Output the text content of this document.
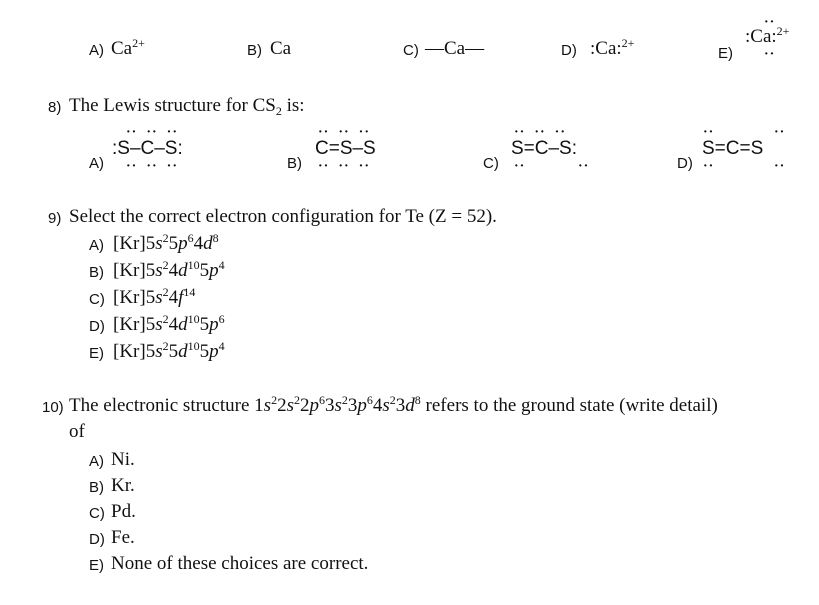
A) $Ca^{2+}$	B) Ca	C) —Ca—	D) :Ca:$^{2+}$
E)
··
:Ca:$^{2+}$
··
8) The Lewis structure for $CS_2$ is:
A)
··  ··  ··
:S–C–S:
··  ··  ··	B)
··  ··  ··
C=S–S
··  ··  ··	C)
··  ··  ··
S=C–S:
··	··	D)
··	··
S=C=S
··	··
9) Select the correct electron configuration for Te (Z = 52).
A) $[Kr]5s^25p^64d^8$
B) $[Kr]5s^24d^{10}5p^4$
C) $[Kr]5s^24f^{14}$
D) $[Kr]5s^24d^{10}5p^6$
E) $[Kr]5s^25d^{10}5p^4$
10) The electronic structure $1s^22s^22p^63s^23p^64s^23d^8$ refers to the ground state (write detail)
of
A) Ni.
B) Kr.
C) Pd.
D) Fe.
E) None of these choices are correct.
